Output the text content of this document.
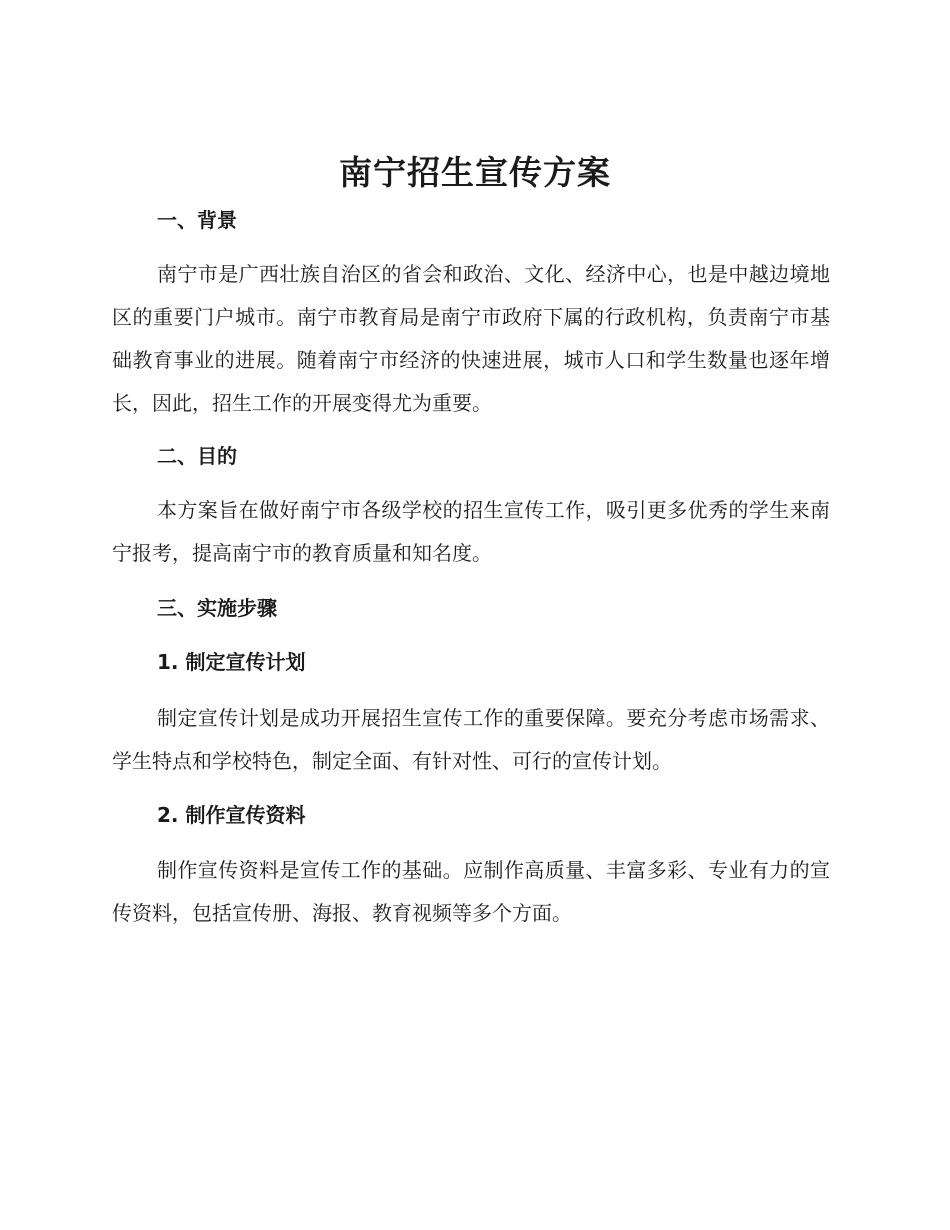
南宁招生宣传方案
一、背景

南宁市是广西壮族自治区的省会和政治、文化、经济中心，也是中越边境地区的重要门户城市。南宁市教育局是南宁市政府下属的行政机构，负责南宁市基础教育事业的进展。随着南宁市经济的快速进展，城市人口和学生数量也逐年增长，因此，招生工作的开展变得尤为重要。

二、目的

本方案旨在做好南宁市各级学校的招生宣传工作，吸引更多优秀的学生来南宁报考，提高南宁市的教育质量和知名度。

三、实施步骤
1. 制定宣传计划

制定宣传计划是成功开展招生宣传工作的重要保障。要充分考虑市场需求、学生特点和学校特色，制定全面、有针对性、可行的宣传计划。

2. 制作宣传资料

制作宣传资料是宣传工作的基础。应制作高质量、丰富多彩、专业有力的宣传资料，包括宣传册、海报、教育视频等多个方面。
